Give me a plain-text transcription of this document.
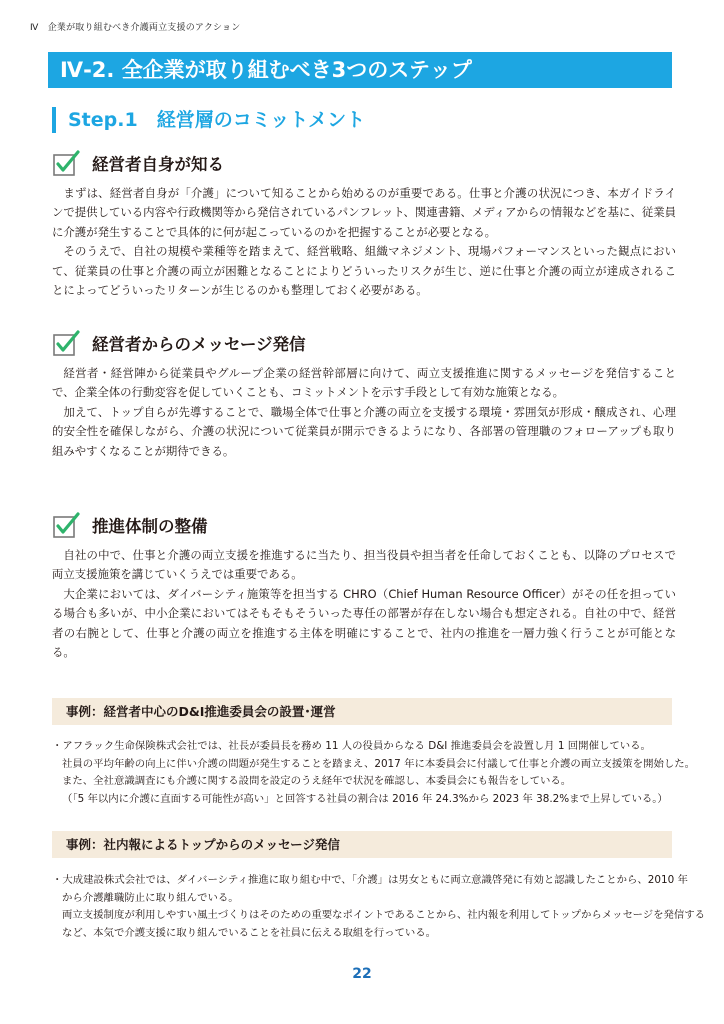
Ⅳ　企業が取り組むべき介護両立支援のアクション
Ⅳ-2. 全企業が取り組むべき3つのステップ
Step.1　経営層のコミットメント
経営者自身が知る

まずは、経営者自身が「介護」について知ることから始めるのが重要である。仕事と介護の状況につき、本ガイドラインで提供している内容や行政機関等から発信されているパンフレット、関連書籍、メディアからの情報などを基に、従業員に介護が発生することで具体的に何が起こっているのかを把握することが必要となる。

そのうえで、自社の規模や業種等を踏まえて、経営戦略、組織マネジメント、現場パフォーマンスといった観点において、従業員の仕事と介護の両立が困難となることによりどういったリスクが生じ、逆に仕事と介護の両立が達成されることによってどういったリターンが生じるのかも整理しておく必要がある。

経営者からのメッセージ発信

経営者・経営陣から従業員やグループ企業の経営幹部層に向けて、両立支援推進に関するメッセージを発信することで、企業全体の行動変容を促していくことも、コミットメントを示す手段として有効な施策となる。

加えて、トップ自らが先導することで、職場全体で仕事と介護の両立を支援する環境・雰囲気が形成・醸成され、心理的安全性を確保しながら、介護の状況について従業員が開示できるようになり、各部署の管理職のフォローアップも取り組みやすくなることが期待できる。

推進体制の整備

自社の中で、仕事と介護の両立支援を推進するに当たり、担当役員や担当者を任命しておくことも、以降のプロセスで両立支援施策を講じていくうえでは重要である。

大企業においては、ダイバーシティ施策等を担当する CHRO（Chief Human Resource Officer）がその任を担っている場合も多いが、中小企業においてはそもそもそういった専任の部署が存在しない場合も想定される。自社の中で、経営者の右腕として、仕事と介護の両立を推進する主体を明確にすることで、社内の推進を一層力強く行うことが可能となる。

事例：経営者中心のD&I推進委員会の設置･運営
・アフラック生命保険株式会社では、社長が委員長を務め 11 人の役員からなる D&I 推進委員会を設置し月 1 回開催している。
社員の平均年齢の向上に伴い介護の問題が発生することを踏まえ、2017 年に本委員会に付議して仕事と介護の両立支援策を開始した。
また、全社意識調査にも介護に関する設問を設定のうえ経年で状況を確認し、本委員会にも報告をしている。
（「5 年以内に介護に直面する可能性が高い」と回答する社員の割合は 2016 年 24.3%から 2023 年 38.2%まで上昇している。）
事例：社内報によるトップからのメッセージ発信
・大成建設株式会社では、ダイバーシティ推進に取り組む中で、「介護」は男女ともに両立意識啓発に有効と認識したことから、2010 年
から介護離職防止に取り組んでいる。
両立支援制度が利用しやすい風土づくりはそのための重要なポイントであることから、社内報を利用してトップからメッセージを発信する
など、本気で介護支援に取り組んでいることを社員に伝える取組を行っている。
22
